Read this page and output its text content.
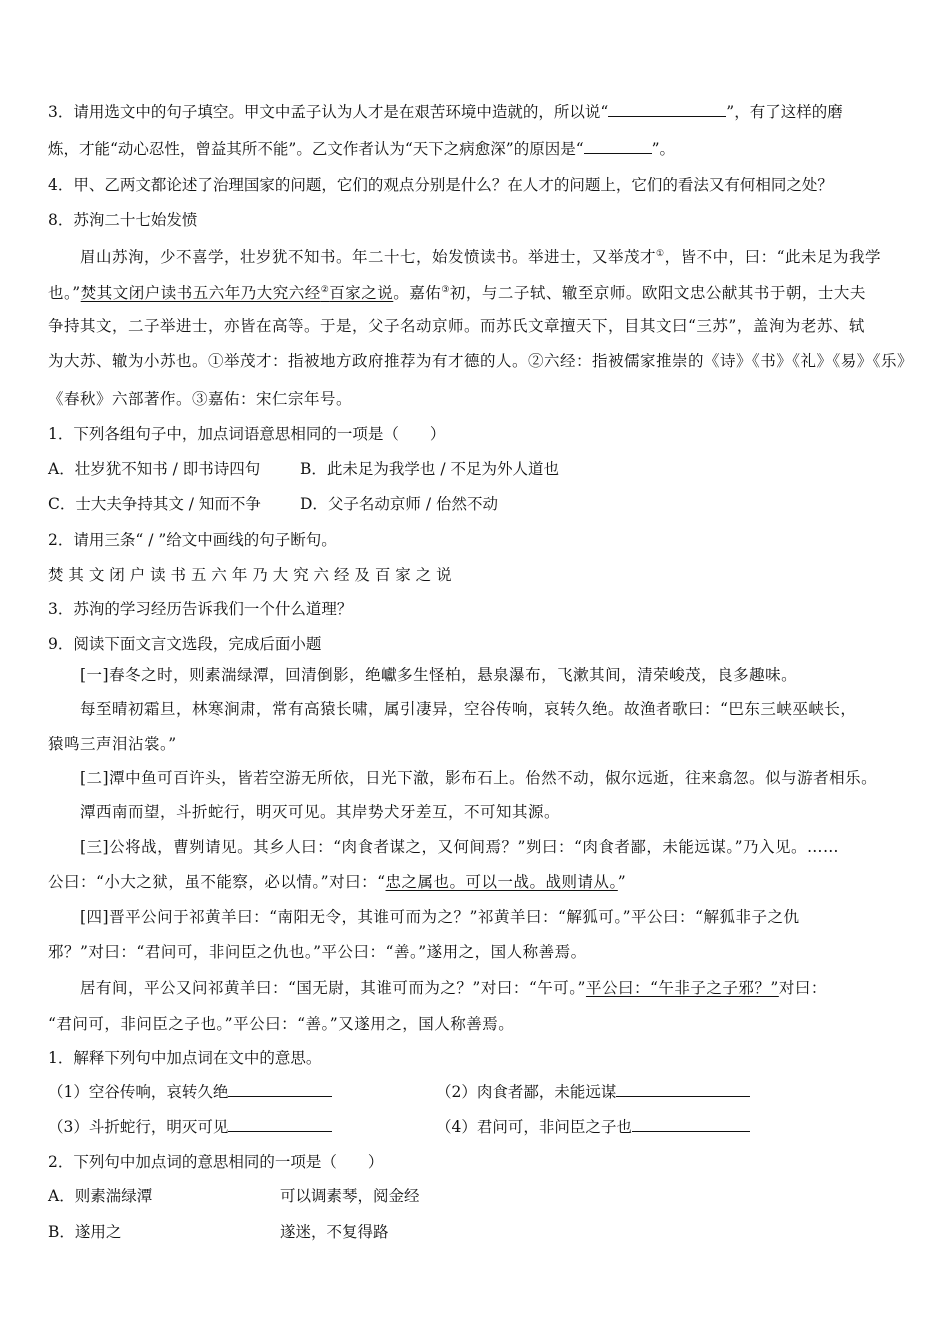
3．请用选文中的句子填空。甲文中孟子认为人才是在艰苦环境中造就的，所以说“	”，有了这样的磨
炼，才能“动心忍性，曾益其所不能”。乙文作者认为“天下之病愈深”的原因是“	”。
4．甲、乙两文都论述了治理国家的问题，它们的观点分别是什么？在人才的问题上，它们的看法又有何相同之处？
8．苏洵二十七始发愤
眉山苏洵，少不喜学，壮岁犹不知书。年二十七，始发愤读书。举进士，又举茂才①，皆不中，曰：“此未足为我学
也。”焚其文闭户读书五六年乃大究六经②百家之说。嘉佑③初，与二子轼、辙至京师。欧阳文忠公献其书于朝，士大夫
争持其文，二子举进士，亦皆在高等。于是，父子名动京师。而苏氏文章擅天下，目其文曰“三苏”，盖洵为老苏、轼
为大苏、辙为小苏也。①举茂才：指被地方政府推荐为有才德的人。②六经：指被儒家推崇的《诗》《书》《礼》《易》《乐》
《春秋》六部著作。③嘉佑：宋仁宗年号。
1．下列各组句子中，加点词语意思相同的一项是（　　）
A．壮岁犹不知书 / 即书诗四句	B．此未足为我学也 / 不足为外人道也
C．士大夫争持其文 / 知而不争	D．父子名动京师 / 佁然不动
2．请用三条“ / ”给文中画线的句子断句。
焚 其 文 闭 户 读 书 五 六 年 乃 大 究 六 经 及 百 家 之 说
3．苏洵的学习经历告诉我们一个什么道理？
9．阅读下面文言文选段，完成后面小题
[一]春冬之时，则素湍绿潭，回清倒影，绝巘多生怪柏，悬泉瀑布，飞漱其间，清荣峻茂，良多趣味。
每至晴初霜旦，林寒涧肃，常有高猿长啸，属引凄异，空谷传响，哀转久绝。故渔者歌曰：“巴东三峡巫峡长，
猿鸣三声泪沾裳。”
[二]潭中鱼可百许头，皆若空游无所依，日光下澈，影布石上。佁然不动，俶尔远逝，往来翕忽。似与游者相乐。
潭西南而望，斗折蛇行，明灭可见。其岸势犬牙差互，不可知其源。
[三]公将战，曹刿请见。其乡人曰：“肉食者谋之，又何间焉？”刿曰：“肉食者鄙，未能远谋。”乃入见。……
公曰：“小大之狱，虽不能察，必以情。”对曰：“忠之属也。可以一战。战则请从。”
[四]晋平公问于祁黄羊曰：“南阳无令，其谁可而为之？”祁黄羊曰：“解狐可。”平公曰：“解狐非子之仇
邪？”对曰：“君问可，非问臣之仇也。”平公曰：“善。”遂用之，国人称善焉。
居有间，平公又问祁黄羊曰：“国无尉，其谁可而为之？”对曰：“午可。”平公曰：“午非子之子邪？”对曰：
“君问可，非问臣之子也。”平公曰：“善。”又遂用之，国人称善焉。
1．解释下列句中加点词在文中的意思。
（1）空谷传响，哀转久绝	（2）肉食者鄙，未能远谋
（3）斗折蛇行，明灭可见	（4）君问可，非问臣之子也
2．下列句中加点词的意思相同的一项是（　　）
A．则素湍绿潭	可以调素琴，阅金经
B．遂用之	遂迷，不复得路
